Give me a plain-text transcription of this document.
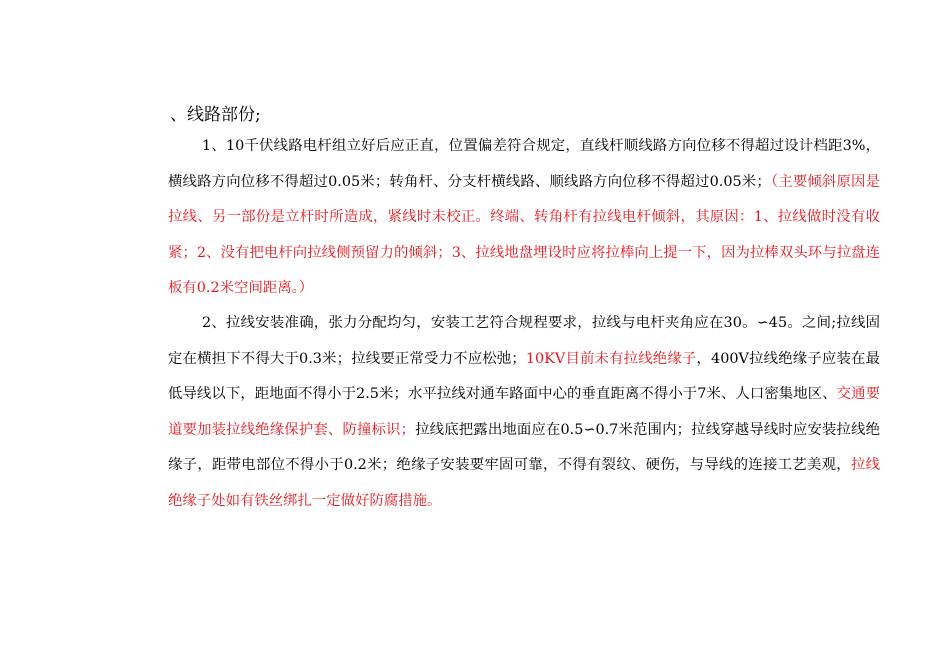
、线路部份;

1、10千伏线路电杆组立好后应正直，位置偏差符合规定，直线杆顺线路方向位移不得超过设计档距3%，横线路方向位移不得超过0.05米；转角杆、分支杆横线路、顺线路方向位移不得超过0.05米；（主要倾斜原因是拉线、另一部份是立杆时所造成，紧线时未校正。终端、转角杆有拉线电杆倾斜，其原因：1、拉线做时没有收紧；2、没有把电杆向拉线侧预留力的倾斜；3、拉线地盘埋设时应将拉棒向上提一下，因为拉棒双头环与拉盘连板有0.2米空间距离。）

2、拉线安装准确，张力分配均匀，安装工艺符合规程要求，拉线与电杆夹角应在30。∽45。之间;拉线固定在横担下不得大于0.3米；拉线要正常受力不应松弛；10KV目前未有拉线绝缘子，400V拉线绝缘子应装在最低导线以下，距地面不得小于2.5米；水平拉线对通车路面中心的垂直距离不得小于7米、人口密集地区、交通要道要加装拉线绝缘保护套、防撞标识；拉线底把露出地面应在0.5∽0.7米范围内；拉线穿越导线时应安装拉线绝缘子，距带电部位不得小于0.2米；绝缘子安装要牢固可靠，不得有裂纹、硬伤，与导线的连接工艺美观，拉线绝缘子处如有铁丝绑扎一定做好防腐措施。
